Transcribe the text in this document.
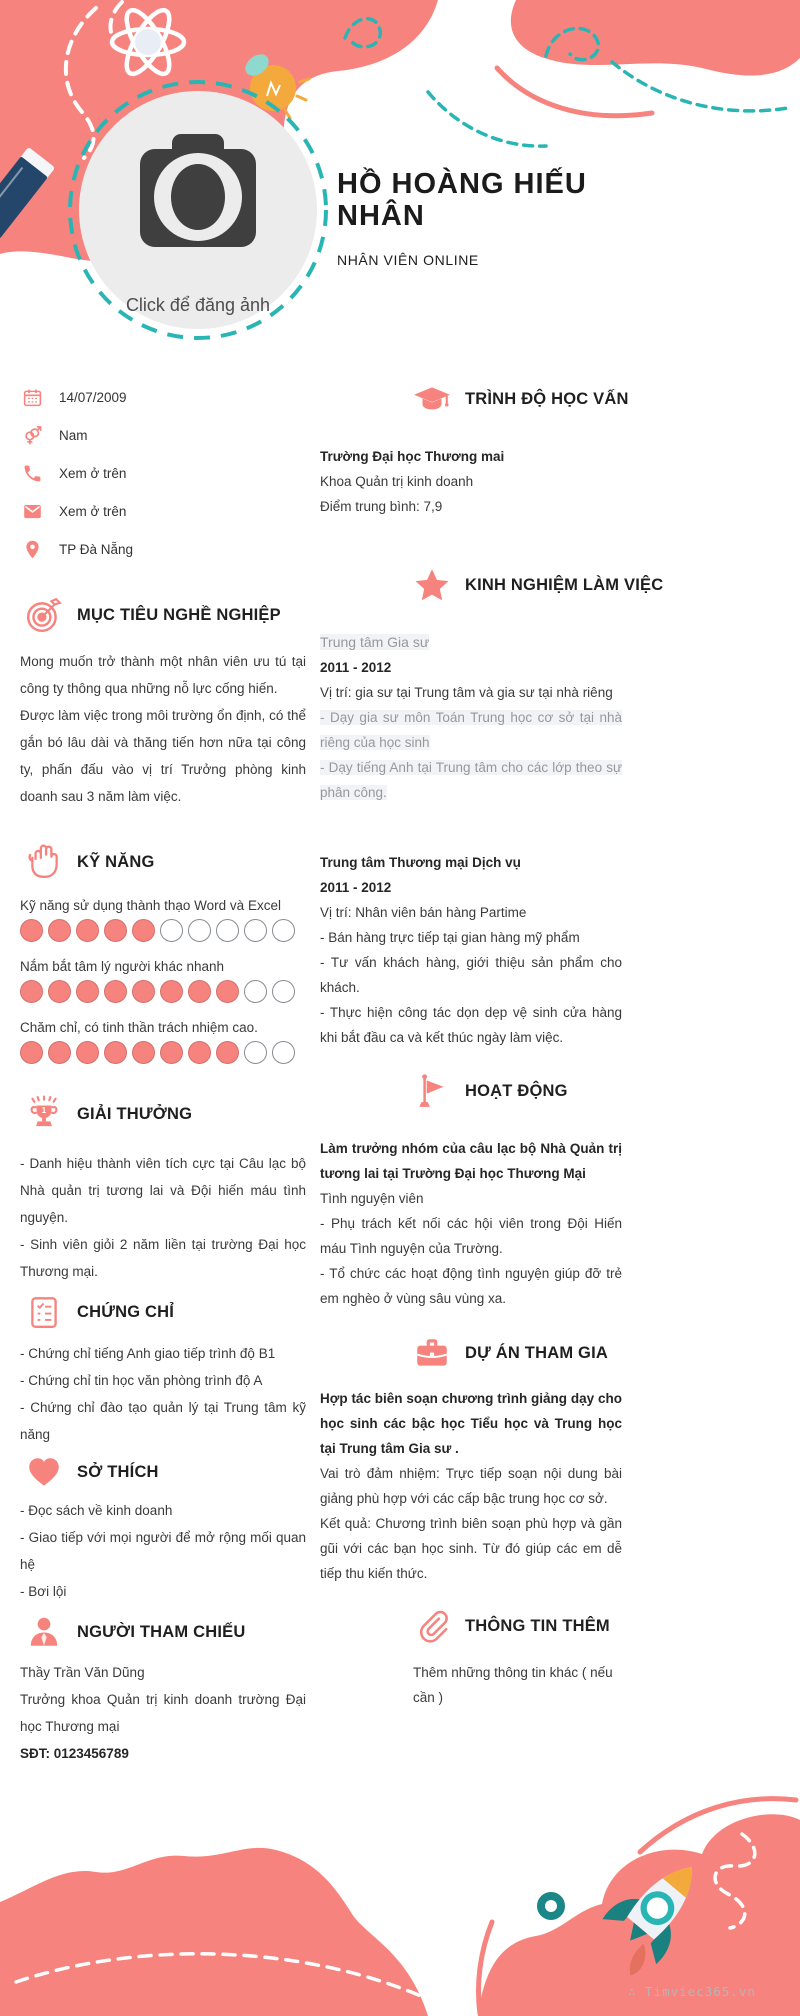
Click để đăng ảnh
HỒ HOÀNG HIẾU NHÂN
NHÂN VIÊN ONLINE
14/07/2009
Nam
Xem ở trên
Xem ở trên
TP Đà Nẵng
MỤC TIÊU NGHỀ NGHIỆP
Mong muốn trở thành một nhân viên ưu tú tại công ty thông qua những nỗ lực cống hiến.
Được làm việc trong môi trường ổn định, có thể gắn bó lâu dài và thăng tiến hơn nữa tại công ty, phấn đấu vào vị trí Trưởng phòng kinh doanh sau 3 năm làm việc.
KỸ NĂNG
Kỹ năng sử dụng thành thạo Word và Excel
Nắm bắt tâm lý người khác nhanh
Chăm chỉ, có tinh thần trách nhiệm cao.
1 GIẢI THƯỞNG
- Danh hiệu thành viên tích cực tại Câu lạc bộ Nhà quản trị tương lai và Đội hiến máu tình nguyện.
- Sinh viên giỏi 2 năm liền tại trường Đại học Thương mại.
CHỨNG CHỈ
- Chứng chỉ tiếng Anh giao tiếp trình độ B1
- Chứng chỉ tin học văn phòng trình độ A
- Chứng chỉ đào tạo quản lý tại Trung tâm kỹ năng
SỞ THÍCH
- Đọc sách về kinh doanh
- Giao tiếp với mọi người để mở rộng mối quan hệ
- Bơi lội
NGƯỜI THAM CHIẾU
Thầy Trần Văn Dũng
Trưởng khoa Quản trị kinh doanh trường Đại học Thương mại
SĐT: 0123456789
TRÌNH ĐỘ HỌC VẤN
Trường Đại học Thương mai
Khoa Quản trị kinh doanh
Điểm trung bình: 7,9
KINH NGHIỆM LÀM VIỆC
Trung tâm Gia sư
2011 - 2012
Vị trí: gia sư tại Trung tâm và gia sư tại nhà riêng
- Dạy gia sư môn Toán Trung học cơ sở tại nhà riêng của học sinh
- Dạy tiếng Anh tại Trung tâm cho các lớp theo sự phân công.
Trung tâm Thương mại Dịch vụ
2011 - 2012
Vị trí: Nhân viên bán hàng Partime
- Bán hàng trực tiếp tại gian hàng mỹ phẩm
- Tư vấn khách hàng, giới thiệu sản phẩm cho khách.
- Thực hiện công tác dọn dẹp vệ sinh cửa hàng khi bắt đầu ca và kết thúc ngày làm việc.
HOẠT ĐỘNG
Làm trưởng nhóm của câu lạc bộ Nhà Quản trị tương lai tại Trường Đại học Thương Mại
Tình nguyện viên
- Phụ trách kết nối các hội viên trong Đội Hiến máu Tình nguyện của Trường.
- Tổ chức các hoạt động tình nguyện giúp đỡ trẻ em nghèo ở vùng sâu vùng xa.
DỰ ÁN THAM GIA
Hợp tác biên soạn chương trình giảng dạy cho học sinh các bậc học Tiểu học và Trung học tại Trung tâm Gia sư .
Vai trò đảm nhiệm: Trực tiếp soạn nội dung bài giảng phù hợp với các cấp bậc trung học cơ sở.
Kết quả: Chương trình biên soạn phù hợp và gần gũi với các bạn học sinh. Từ đó giúp các em dễ tiếp thu kiến thức.
THÔNG TIN THÊM
Thêm những thông tin khác ( nếu cần )
∴ Timviec365.vn
